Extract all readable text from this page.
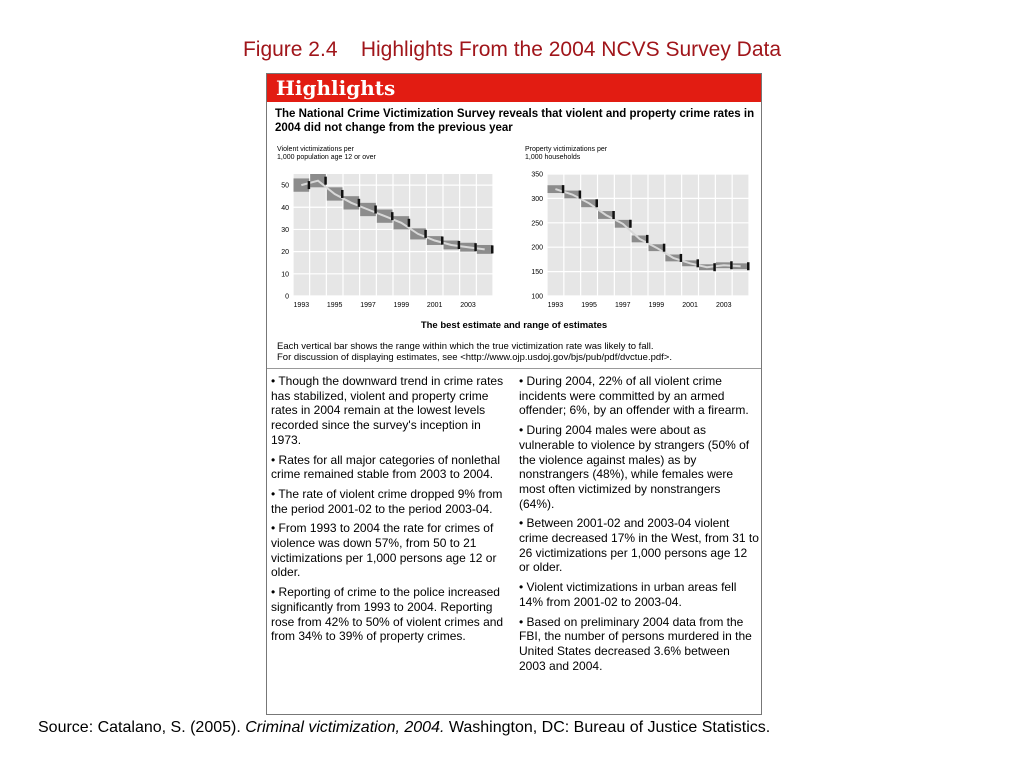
Figure 2.4    Highlights From the 2004 NCVS Survey Data
Highlights
The National Crime Victimization Survey reveals that violent and property crime rates in 2004 did not change from the previous year
Violent victimizations per
1,000 population age 12 or over
0
10
20
30
40
50
1993	1995	1997	1999	2001	2003
Property victimizations per
1,000 households
100
150
200
250
300
350
1993	1995	1997	1999	2001	2003
The best estimate and range of estimates
Each vertical bar shows the range within which the true victimization rate was likely to fall.
For discussion of displaying estimates, see <http://www.ojp.usdoj.gov/bjs/pub/pdf/dvctue.pdf>.

• Though the downward trend in crime rates has stabilized, violent and property crime rates in 2004 remain at the lowest levels recorded since the survey's inception in 1973.

• Rates for all major categories of nonlethal crime remained stable from 2003 to 2004.

• The rate of violent crime dropped 9% from the period 2001-02 to the period 2003-04.

• From 1993 to 2004 the rate for crimes of violence was down 57%, from 50 to 21 victimizations per 1,000 persons age 12 or older.

• Reporting of crime to the police increased significantly from 1993 to 2004. Reporting rose from 42% to 50% of violent crimes and from 34% to 39% of property crimes.

• During 2004, 22% of all violent crime incidents were committed by an armed offender; 6%, by an offender with a firearm.

• During 2004 males were about as vulnerable to violence by strangers (50% of the violence against males) as by nonstrangers (48%), while females were most often victimized by nonstrangers (64%).

• Between 2001-02 and 2003-04 violent crime decreased 17% in the West, from 31 to 26 victimizations per 1,000 persons age 12 or older.

• Violent victimizations in urban areas fell 14% from 2001-02 to 2003-04.

• Based on preliminary 2004 data from the FBI, the number of persons murdered in the United States decreased 3.6% between 2003 and 2004.

Source: Catalano, S. (2005). Criminal victimization, 2004. Washington, DC: Bureau of Justice Statistics.
